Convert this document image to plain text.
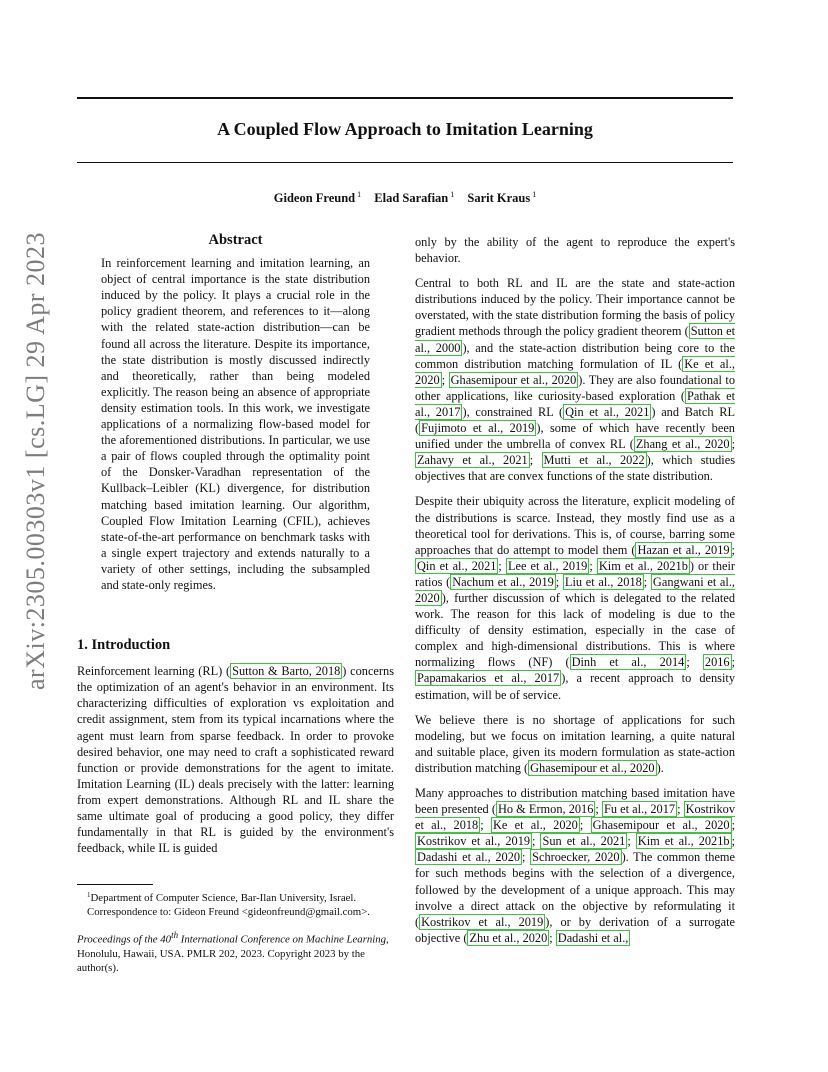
arXiv:2305.00303v1 [cs.LG] 29 Apr 2023
A Coupled Flow Approach to Imitation Learning
Gideon Freund $^1$ Elad Sarafian $^1$ Sarit Kraus $^1$
Abstract

In reinforcement learning and imitation learning, an object of central importance is the state distribution induced by the policy. It plays a crucial role in the policy gradient theorem, and references to it—along with the related state-action distribution—can be found all across the literature. Despite its importance, the state distribution is mostly discussed indirectly and theoretically, rather than being modeled explicitly. The reason being an absence of appropriate density estimation tools. In this work, we investigate applications of a normalizing flow-based model for the aforementioned distributions. In particular, we use a pair of flows coupled through the optimality point of the Donsker-Varadhan representation of the Kullback–Leibler (KL) divergence, for distribution matching based imitation learning. Our algorithm, Coupled Flow Imitation Learning (CFIL), achieves state-of-the-art performance on benchmark tasks with a single expert trajectory and extends naturally to a variety of other settings, including the subsampled and state-only regimes.

1. Introduction

Reinforcement learning (RL) ( Sutton & Barto, 2018 ) concerns the optimization of an agent's behavior in an environment. Its characterizing difficulties of exploration vs exploitation and credit assignment, stem from its typical incarnations where the agent must learn from sparse feedback. In order to provoke desired behavior, one may need to craft a sophisticated reward function or provide demonstrations for the agent to imitate. Imitation Learning (IL) deals precisely with the latter: learning from expert demonstrations. Although RL and IL share the same ultimate goal of producing a good policy, they differ fundamentally in that RL is guided by the environment's feedback, while IL is guided

$^1$Department of Computer Science, Bar-Ilan University, Israel. Correspondence to: Gideon Freund <gideonfreund@gmail.com>.
Proceedings of the 40th International Conference on Machine Learning, Honolulu, Hawaii, USA. PMLR 202, 2023. Copyright 2023 by the author(s).

only by the ability of the agent to reproduce the expert's behavior.

Central to both RL and IL are the state and state-action distributions induced by the policy. Their importance cannot be overstated, with the state distribution forming the basis of policy gradient methods through the policy gradient theorem ( Sutton et al., 2000 ), and the state-action distribution being core to the common distribution matching formulation of IL ( Ke et al., 2020 ; Ghasemipour et al., 2020 ). They are also foundational to other applications, like curiosity-based exploration ( Pathak et al., 2017 ), constrained RL ( Qin et al., 2021 ) and Batch RL ( Fujimoto et al., 2019 ), some of which have recently been unified under the umbrella of convex RL ( Zhang et al., 2020 ; Zahavy et al., 2021 ; Mutti et al., 2022 ), which studies objectives that are convex functions of the state distribution.

Despite their ubiquity across the literature, explicit modeling of the distributions is scarce. Instead, they mostly find use as a theoretical tool for derivations. This is, of course, barring some approaches that do attempt to model them ( Hazan et al., 2019 ; Qin et al., 2021 ; Lee et al., 2019 ; Kim et al., 2021b ) or their ratios ( Nachum et al., 2019 ; Liu et al., 2018 ; Gangwani et al., 2020 ), further discussion of which is delegated to the related work. The reason for this lack of modeling is due to the difficulty of density estimation, especially in the case of complex and high-dimensional distributions. This is where normalizing flows (NF) ( Dinh et al., 2014 ; 2016 ; Papamakarios et al., 2017 ), a recent approach to density estimation, will be of service.

We believe there is no shortage of applications for such modeling, but we focus on imitation learning, a quite natural and suitable place, given its modern formulation as state-action distribution matching ( Ghasemipour et al., 2020 ).

Many approaches to distribution matching based imitation have been presented ( Ho & Ermon, 2016 ; Fu et al., 2017 ; Kostrikov et al., 2018 ; Ke et al., 2020 ; Ghasemipour et al., 2020 ; Kostrikov et al., 2019 ; Sun et al., 2021 ; Kim et al., 2021b ; Dadashi et al., 2020 ; Schroecker, 2020 ). The common theme for such methods begins with the selection of a divergence, followed by the development of a unique approach. This may involve a direct attack on the objective by reformulating it ( Kostrikov et al., 2019 ), or by derivation of a surrogate objective ( Zhu et al., 2020 ; Dadashi et al.,
